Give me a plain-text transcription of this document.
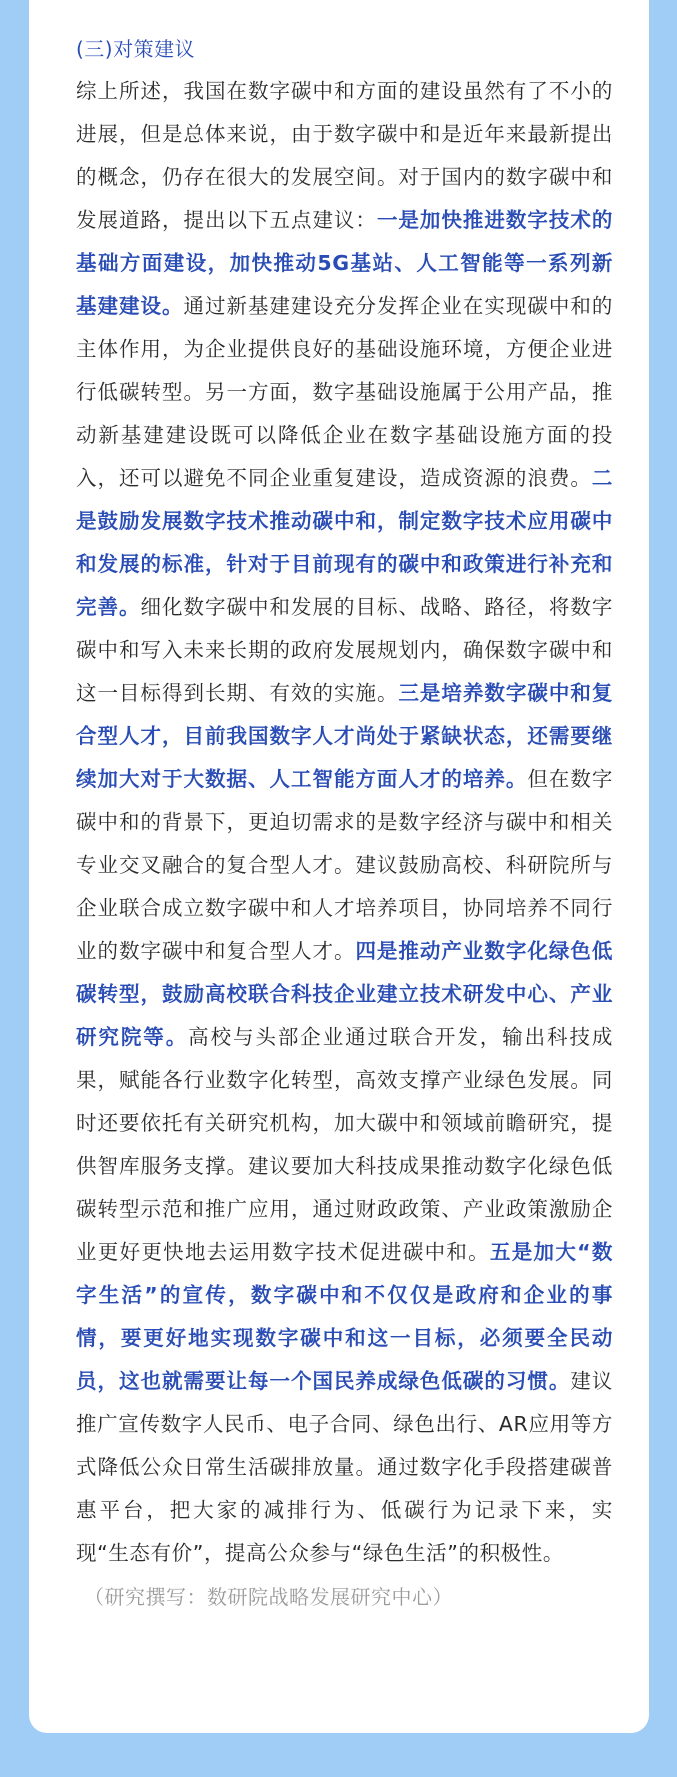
(三)对策建议

综上所述，我国在数字碳中和方面的建设虽然有了不小的进展，但是总体来说，由于数字碳中和是近年来最新提出的概念，仍存在很大的发展空间。对于国内的数字碳中和发展道路，提出以下五点建议：一是加快推进数字技术的基础方面建设，加快推动5G基站、人工智能等一系列新基建建设。通过新基建建设充分发挥企业在实现碳中和的主体作用，为企业提供良好的基础设施环境，方便企业进行低碳转型。另一方面，数字基础设施属于公用产品，推动新基建建设既可以降低企业在数字基础设施方面的投入，还可以避免不同企业重复建设，造成资源的浪费。二是鼓励发展数字技术推动碳中和，制定数字技术应用碳中和发展的标准，针对于目前现有的碳中和政策进行补充和完善。细化数字碳中和发展的目标、战略、路径，将数字碳中和写入未来长期的政府发展规划内，确保数字碳中和这一目标得到长期、有效的实施。三是培养数字碳中和复合型人才，目前我国数字人才尚处于紧缺状态，还需要继续加大对于大数据、人工智能方面人才的培养。但在数字碳中和的背景下，更迫切需求的是数字经济与碳中和相关专业交叉融合的复合型人才。建议鼓励高校、科研院所与企业联合成立数字碳中和人才培养项目，协同培养不同行业的数字碳中和复合型人才。四是推动产业数字化绿色低碳转型，鼓励高校联合科技企业建立技术研发中心、产业研究院等。高校与头部企业通过联合开发，输出科技成果，赋能各行业数字化转型，高效支撑产业绿色发展。同时还要依托有关研究机构，加大碳中和领域前瞻研究，提供智库服务支撑。建议要加大科技成果推动数字化绿色低碳转型示范和推广应用，通过财政政策、产业政策激励企业更好更快地去运用数字技术促进碳中和。五是加大“数字生活”的宣传，数字碳中和不仅仅是政府和企业的事情，要更好地实现数字碳中和这一目标，必须要全民动员，这也就需要让每一个国民养成绿色低碳的习惯。建议推广宣传数字人民币、电子合同、绿色出行、AR应用等方式降低公众日常生活碳排放量。通过数字化手段搭建碳普惠平台，把大家的减排行为、低碳行为记录下来，实现“生态有价”，提高公众参与“绿色生活”的积极性。

（研究撰写：数研院战略发展研究中心）
